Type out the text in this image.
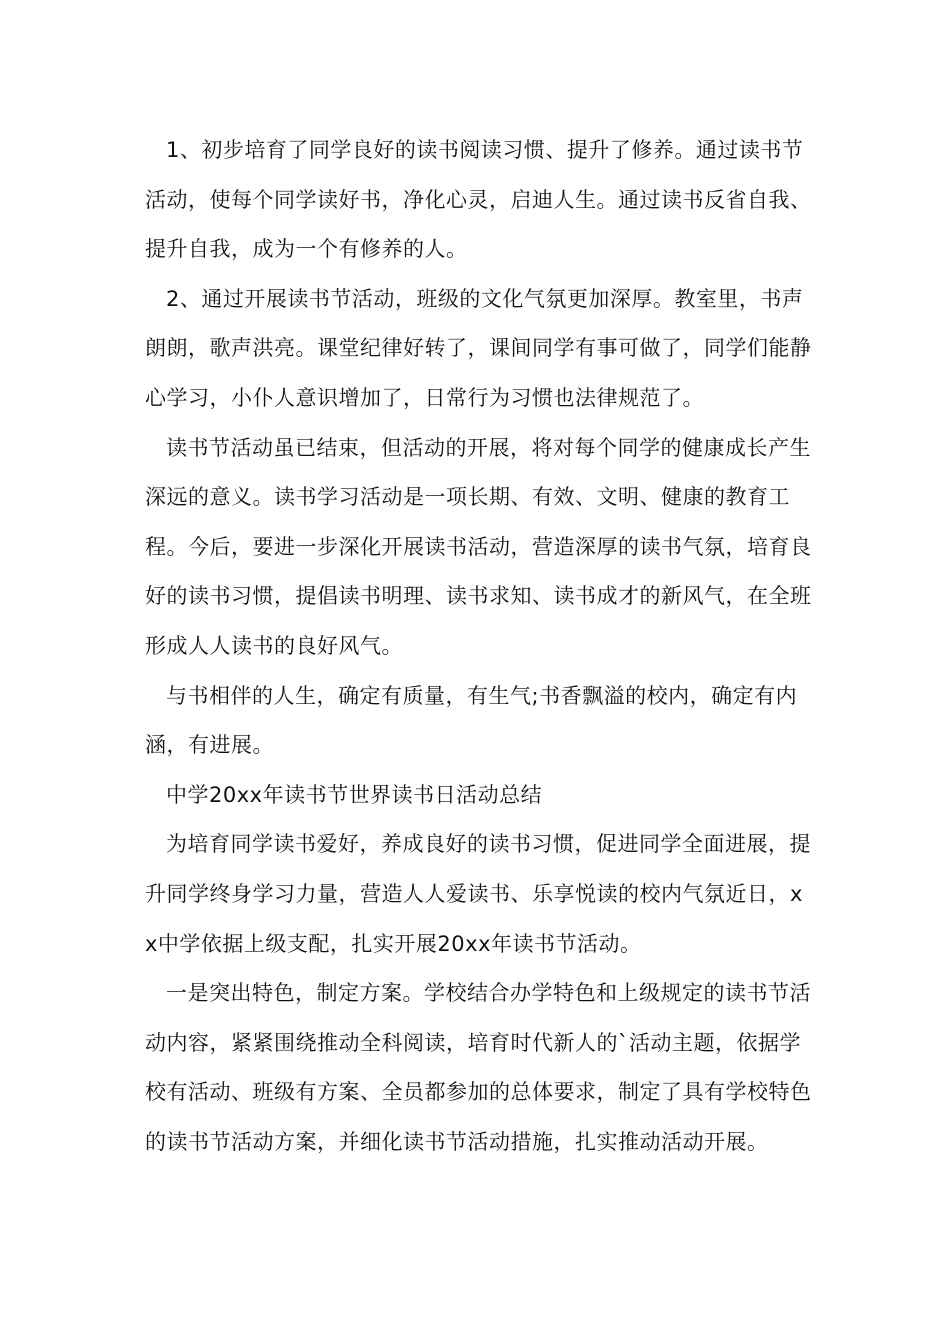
1、初步培育了同学良好的读书阅读习惯、提升了修养。通过读书节活动，使每个同学读好书，净化心灵，启迪人生。通过读书反省自我、提升自我，成为一个有修养的人。

2、通过开展读书节活动，班级的文化气氛更加深厚。教室里，书声朗朗，歌声洪亮。课堂纪律好转了，课间同学有事可做了，同学们能静心学习，小仆人意识增加了，日常行为习惯也法律规范了。

读书节活动虽已结束，但活动的开展，将对每个同学的健康成长产生深远的意义。读书学习活动是一项长期、有效、文明、健康的教育工程。今后，要进一步深化开展读书活动，营造深厚的读书气氛，培育良好的读书习惯，提倡读书明理、读书求知、读书成才的新风气，在全班形成人人读书的良好风气。

与书相伴的人生，确定有质量，有生气;书香飘溢的校内，确定有内涵，有进展。

中学20xx年读书节世界读书日活动总结

为培育同学读书爱好，养成良好的读书习惯，促进同学全面进展，提升同学终身学习力量，营造人人爱读书、乐享悦读的校内气氛近日，xx中学依据上级支配，扎实开展20xx年读书节活动。

一是突出特色，制定方案。学校结合办学特色和上级规定的读书节活动内容，紧紧围绕推动全科阅读，培育时代新人的`活动主题，依据学校有活动、班级有方案、全员都参加的总体要求，制定了具有学校特色的读书节活动方案，并细化读书节活动措施，扎实推动活动开展。
